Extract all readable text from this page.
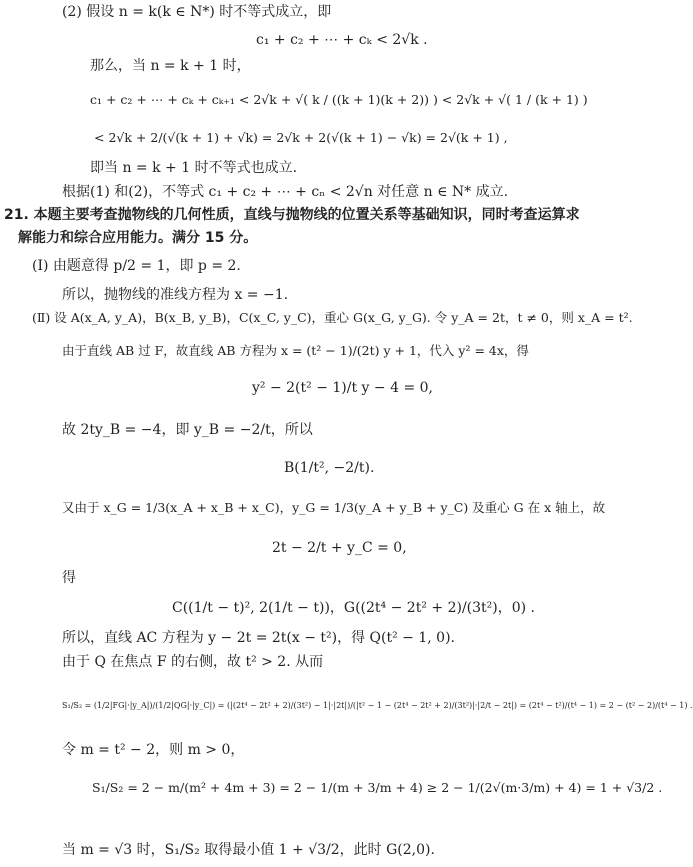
(2) 假设 n = k(k ∈ N*) 时不等式成立，即
c₁ + c₂ + ⋯ + cₖ < 2√k .
那么，当 n = k + 1 时，
c₁ + c₂ + ⋯ + cₖ + cₖ₊₁ < 2√k + √( k / ((k + 1)(k + 2)) ) < 2√k + √( 1 / (k + 1) )
< 2√k + 2/(√(k + 1) + √k) = 2√k + 2(√(k + 1) − √k) = 2√(k + 1) ,
即当 n = k + 1 时不等式也成立.
根据(1) 和(2)，不等式 c₁ + c₂ + ⋯ + cₙ < 2√n 对任意 n ∈ N* 成立.
21. 本题主要考查抛物线的几何性质，直线与抛物线的位置关系等基础知识，同时考查运算求
解能力和综合应用能力。满分 15 分。
(Ⅰ) 由题意得 p/2 = 1，即 p = 2.
所以，抛物线的准线方程为 x = −1.
(Ⅱ) 设 A(x_A, y_A)，B(x_B, y_B)，C(x_C, y_C)，重心 G(x_G, y_G). 令 y_A = 2t，t ≠ 0，则 x_A = t².
由于直线 AB 过 F，故直线 AB 方程为 x = (t² − 1)/(2t) y + 1，代入 y² = 4x，得
y² − 2(t² − 1)/t y − 4 = 0,
故 2ty_B = −4，即 y_B = −2/t，所以
B(1/t², −2/t).
又由于 x_G = 1/3(x_A + x_B + x_C)，y_G = 1/3(y_A + y_B + y_C) 及重心 G 在 x 轴上，故
2t − 2/t + y_C = 0,
得
C((1/t − t)², 2(1/t − t))，G((2t⁴ − 2t² + 2)/(3t²)，0) .
所以，直线 AC 方程为 y − 2t = 2t(x − t²)，得 Q(t² − 1, 0).
由于 Q 在焦点 F 的右侧，故 t² > 2. 从而
S₁/S₂ = (1/2|FG|·|y_A|)/(1/2|QG|·|y_C|) = (|(2t⁴ − 2t² + 2)/(3t²) − 1|·|2t|)/(|t² − 1 − (2t⁴ − 2t² + 2)/(3t²)|·|2/t − 2t|) = (2t⁴ − t²)/(t⁴ − 1) = 2 − (t² − 2)/(t⁴ − 1) .
令 m = t² − 2，则 m > 0，
S₁/S₂ = 2 − m/(m² + 4m + 3) = 2 − 1/(m + 3/m + 4) ≥ 2 − 1/(2√(m·3/m) + 4) = 1 + √3/2 .
当 m = √3 时，S₁/S₂ 取得最小值 1 + √3/2，此时 G(2,0).
